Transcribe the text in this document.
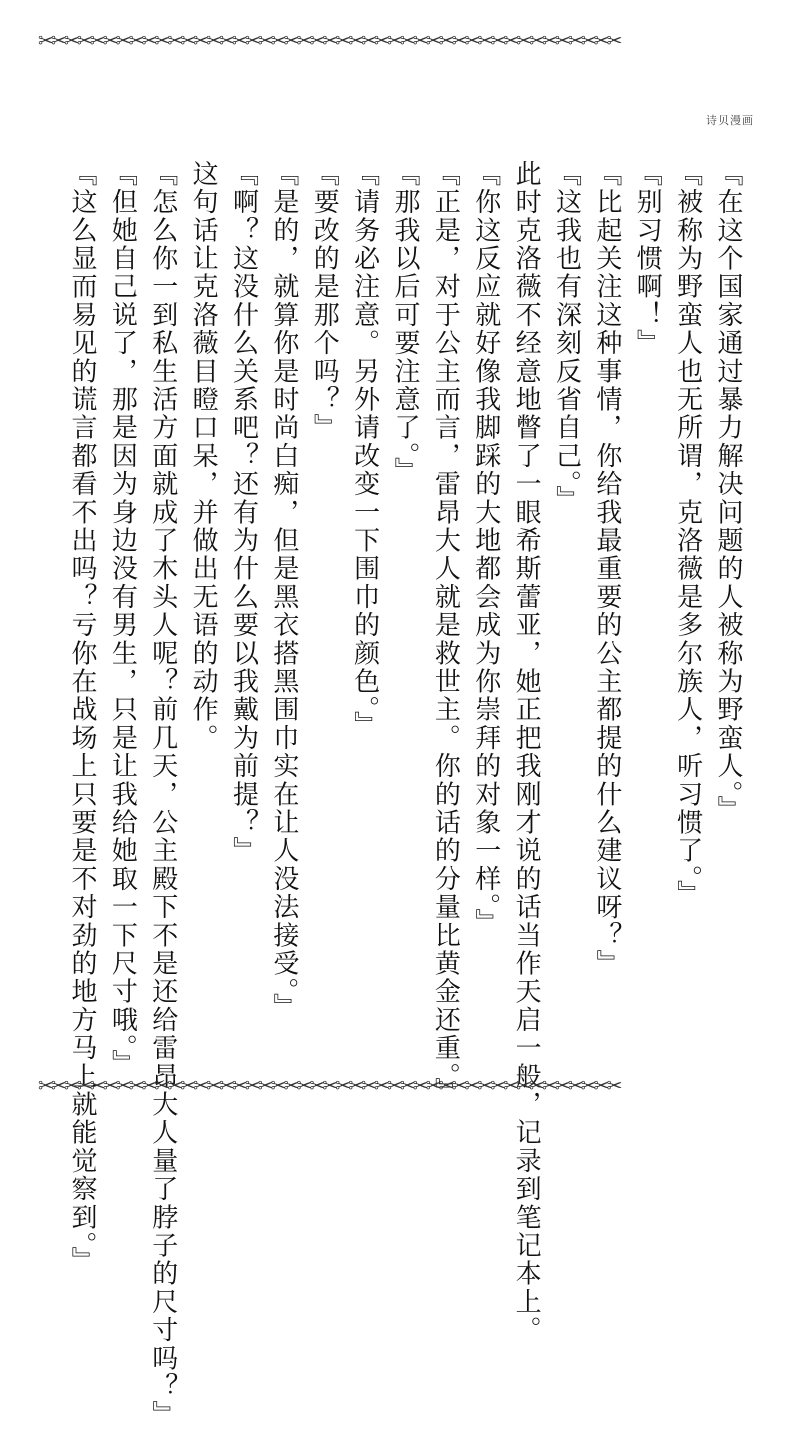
✂✂✂✂✂✂✂✂✂✂✂✂✂✂✂✂✂✂✂✂✂✂✂✂✂✂✂✂✂✂✂✂✂✂✂✂✂✂✂✂✂✂✂✂✂
诗贝漫画
『在这个国家通过暴力解决问题的人被称为野蛮人。』
『被称为野蛮人也无所谓，克洛薇是多尔族人，听习惯了。』
『别习惯啊！』
『比起关注这种事情，你给我最重要的公主都提的什么建议呀？』
『这我也有深刻反省自己。』
此时克洛薇不经意地瞥了一眼希斯蕾亚，她正把我刚才说的话当作天启一般，记录到笔记本上。
『你这反应就好像我脚踩的大地都会成为你崇拜的对象一样。』
『正是，对于公主而言，雷昂大人就是救世主。你的话的分量比黄金还重。』
『那我以后可要注意了。』
『请务必注意。另外请改变一下围巾的颜色。』
『要改的是那个吗？』
『是的，就算你是时尚白痴，但是黑衣搭黑围巾实在让人没法接受。』
『啊？这没什么关系吧？还有为什么要以我戴为前提？』
这句话让克洛薇目瞪口呆，并做出无语的动作。
『怎么你一到私生活方面就成了木头人呢？前几天，公主殿下不是还给雷昂大人量了脖子的尺寸吗？』
『但她自己说了，那是因为身边没有男生，只是让我给她取一下尺寸哦。』
『这么显而易见的谎言都看不出吗？亏你在战场上只要是不对劲的地方马上就能觉察到。』
✂✂✂✂✂✂✂✂✂✂✂✂✂✂✂✂✂✂✂✂✂✂✂✂✂✂✂✂✂✂✂✂✂✂✂✂✂✂✂✂✂✂✂✂✂
